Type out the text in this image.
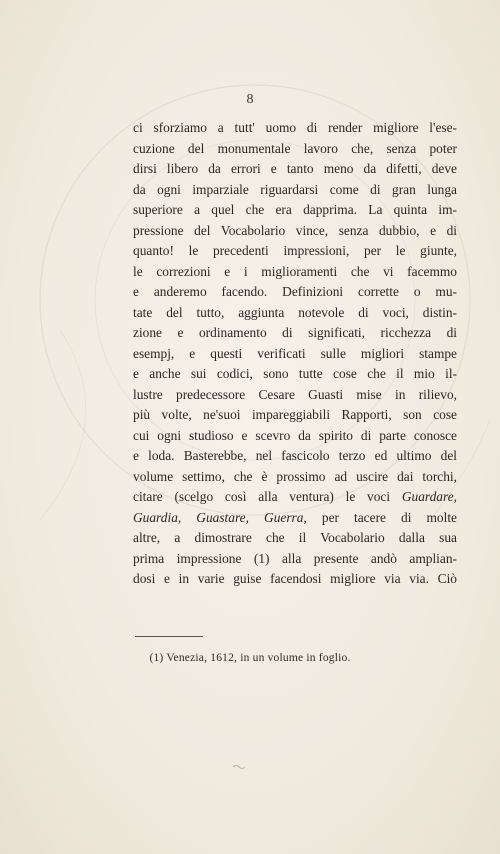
8
ci sforziamo a tutt' uomo di render migliore l'ese-
cuzione del monumentale lavoro che, senza poter
dirsi libero da errori e tanto meno da difetti, deve
da ogni imparziale riguardarsi come di gran lunga
superiore a quel che era dapprima. La quinta im-
pressione del Vocabolario vince, senza dubbio, e di
quanto! le precedenti impressioni, per le giunte,
le correzioni e i miglioramenti che vi facemmo
e anderemo facendo. Definizioni corrette o mu-
tate del tutto, aggiunta notevole di voci, distin-
zione e ordinamento di significati, ricchezza di
esempj, e questi verificati sulle migliori stampe
e anche sui codici, sono tutte cose che il mio il-
lustre predecessore Cesare Guasti mise in rilievo,
più volte, ne'suoi impareggiabili Rapporti, son cose
cui ogni studioso e scevro da spirito di parte conosce
e loda. Basterebbe, nel fascicolo terzo ed ultimo del
volume settimo, che è prossimo ad uscire dai torchi,
citare (scelgo così alla ventura) le voci Guardare,
Guardia, Guastare, Guerra, per tacere di molte
altre, a dimostrare che il Vocabolario dalla sua
prima impressione (1) alla presente andò amplian-
dosi e in varie guise facendosi migliore via via. Ciò
(1) Venezia, 1612, in un volume in foglio.
